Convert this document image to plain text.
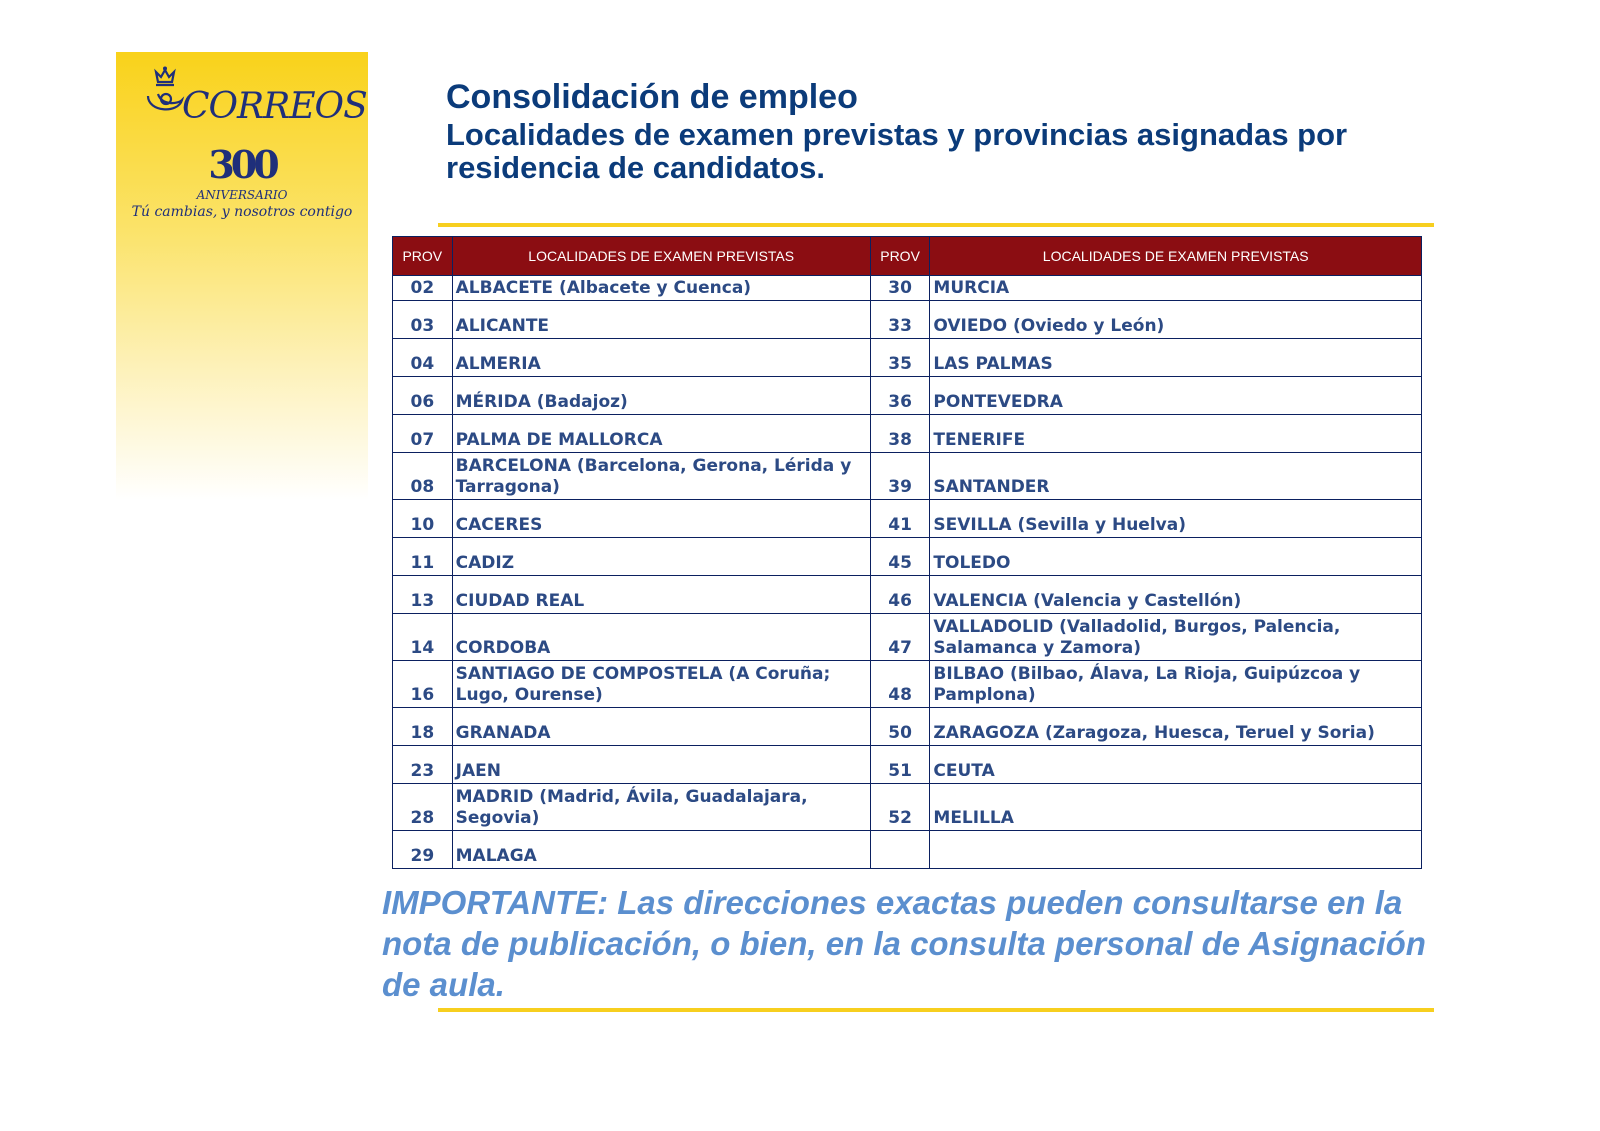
CORREOS
300
ANIVERSARIO
Tú cambias, y nosotros contigo
Consolidación de empleo
Localidades de examen previstas y provincias asignadas por residencia de candidatos.
PROV	LOCALIDADES DE EXAMEN PREVISTAS	PROV	LOCALIDADES DE EXAMEN PREVISTAS
02	ALBACETE (Albacete y Cuenca)	30	MURCIA
03	ALICANTE	33	OVIEDO (Oviedo y León)
04	ALMERIA	35	LAS PALMAS
06	MÉRIDA (Badajoz)	36	PONTEVEDRA
07	PALMA DE MALLORCA	38	TENERIFE
08	BARCELONA (Barcelona, Gerona, Lérida y Tarragona)	39	SANTANDER
10	CACERES	41	SEVILLA (Sevilla y Huelva)
11	CADIZ	45	TOLEDO
13	CIUDAD REAL	46	VALENCIA (Valencia y Castellón)
14	CORDOBA	47	VALLADOLID (Valladolid, Burgos, Palencia, Salamanca y Zamora)
16	SANTIAGO DE COMPOSTELA (A Coruña; Lugo, Ourense)	48	BILBAO (Bilbao, Álava, La Rioja, Guipúzcoa y Pamplona)
18	GRANADA	50	ZARAGOZA (Zaragoza, Huesca, Teruel y Soria)
23	JAEN	51	CEUTA
28	MADRID (Madrid, Ávila, Guadalajara, Segovia)	52	MELILLA
29	MALAGA		
IMPORTANTE: Las direcciones exactas pueden consultarse en la nota de publicación, o bien, en la consulta personal de Asignación de aula.
